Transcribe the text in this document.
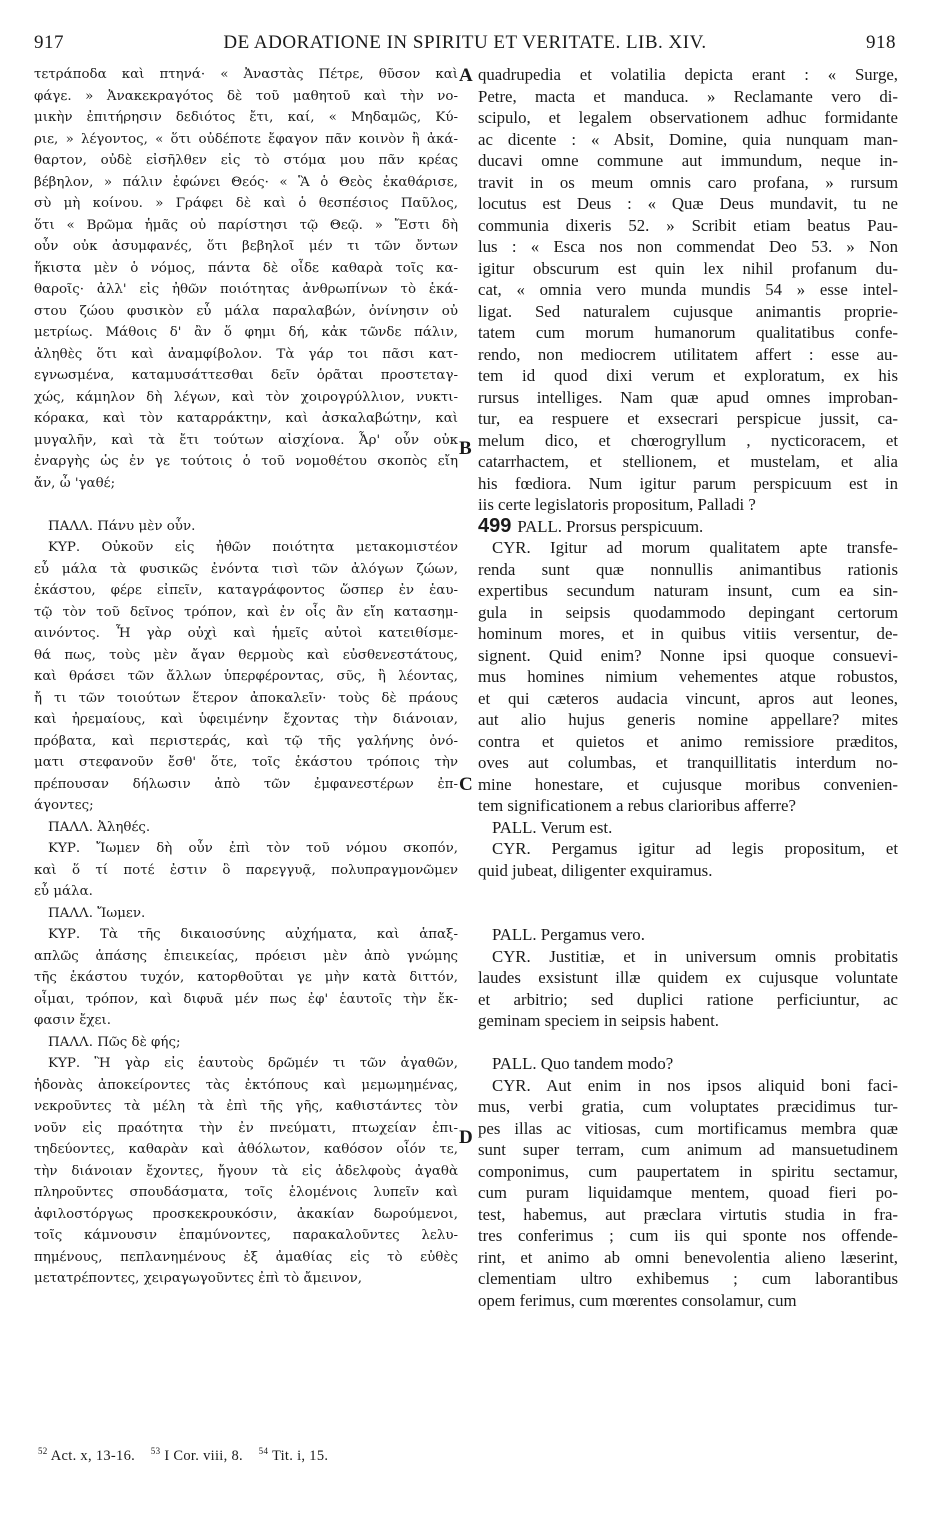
917	DE ADORATIONE IN SPIRITU ET VERITATE. LIB. XIV.	918
τετράποδα καὶ πτηνά· « Ἀναστὰς Πέτρε, θῦσον καὶ
φάγε. » Ἀνακεκραγότος δὲ τοῦ μαθητοῦ καὶ τὴν νο-
μικὴν ἐπιτήρησιν δεδιότος ἔτι, καί, « Μηδαμῶς, Κύ-
ριε, » λέγοντος, « ὅτι οὐδέποτε ἔφαγον πᾶν κοινὸν ἢ ἀκά-
θαρτον, οὐδὲ εἰσῆλθεν εἰς τὸ στόμα μου πᾶν κρέας
βέβηλον, » πάλιν ἐφώνει Θεός· « Ἃ ὁ Θεὸς ἐκαθάρισε,
σὺ μὴ κοίνου. » Γράφει δὲ καὶ ὁ θεσπέσιος Παῦλος,
ὅτι « Βρῶμα ἡμᾶς οὐ παρίστησι τῷ Θεῷ. » Ἔστι δὴ
οὖν οὐκ ἀσυμφανές, ὅτι βεβηλοῖ μέν τι τῶν ὄντων
ἥκιστα μὲν ὁ νόμος, πάντα δὲ οἶδε καθαρὰ τοῖς κα-
θαροῖς· ἀλλ' εἰς ἠθῶν ποιότητας ἀνθρωπίνων τὸ ἑκά-
στου ζώου φυσικὸν εὖ μάλα παραλαβών, ὀνίνησιν οὐ
μετρίως. Μάθοις δ' ἂν ὅ φημι δή, κἀκ τῶνδε πάλιν,
ἀληθὲς ὅτι καὶ ἀναμφίβολον. Τὰ γάρ τοι πᾶσι κατ-
εγνωσμένα, καταμυσάττεσθαι δεῖν ὁρᾶται προστεταγ-
χώς, κάμηλον δὴ λέγων, καὶ τὸν χοιρογρύλλιον, νυκτι-
κόρακα, καὶ τὸν καταρράκτην, καὶ ἀσκαλαβώτην, καὶ
μυγαλῆν, καὶ τὰ ἔτι τούτων αἰσχίονα. Ἆρ' οὖν οὐκ
ἐναργὴς ὡς ἐν γε τούτοις ὁ τοῦ νομοθέτου σκοπὸς εἴη
ἄν, ὦ 'γαθέ;
ΠΑΛΛ. Πάνυ μὲν οὖν.
ΚΥΡ. Οὐκοῦν εἰς ἠθῶν ποιότητα μετακομιστέον
εὖ μάλα τὰ φυσικῶς ἐνόντα τισὶ τῶν ἀλόγων ζώων,
ἑκάστου, φέρε εἰπεῖν, καταγράφοντος ὥσπερ ἐν ἑαυ-
τῷ τὸν τοῦ δεῖνος τρόπον, καὶ ἐν οἷς ἂν εἴη κατασημ-
αινόντος. Ἦ γὰρ οὐχὶ καὶ ἡμεῖς αὐτοὶ κατειθίσμε-
θά πως, τοὺς μὲν ἄγαν θερμοὺς καὶ εὐσθενεστάτους,
καὶ θράσει τῶν ἄλλων ὑπερφέροντας, σῦς, ἢ λέοντας,
ἤ τι τῶν τοιούτων ἕτερον ἀποκαλεῖν· τοὺς δὲ πράους
καὶ ἠρεμαίους, καὶ ὑφειμένην ἔχοντας τὴν διάνοιαν,
πρόβατα, καὶ περιστεράς, καὶ τῷ τῆς γαλήνης ὀνό-
ματι στεφανοῦν ἔσθ' ὅτε, τοῖς ἑκάστου τρόποις τὴν
πρέπουσαν δήλωσιν ἀπὸ τῶν ἐμφανεστέρων ἐπ-
άγοντες;
ΠΑΛΛ. Ἀληθές.
ΚΥΡ. Ἴωμεν δὴ οὖν ἐπὶ τὸν τοῦ νόμου σκοπόν,
καὶ ὅ τί ποτέ ἐστιν ὃ παρεγγυᾷ, πολυπραγμονῶμεν
εὖ μάλα.
ΠΑΛΛ. Ἴωμεν.
ΚΥΡ. Τὰ τῆς δικαιοσύνης αὐχήματα, καὶ ἁπαξ-
απλῶς ἁπάσης ἐπιεικείας, πρόεισι μὲν ἀπὸ γνώμης
τῆς ἑκάστου τυχόν, κατορθοῦται γε μὴν κατὰ διττόν,
οἶμαι, τρόπον, καὶ διφυᾶ μέν πως ἐφ' ἑαυτοῖς τὴν ἔκ-
φασιν ἔχει.
ΠΑΛΛ. Πῶς δὲ φής;
ΚΥΡ. Ἢ γὰρ εἰς ἑαυτοὺς δρῶμέν τι τῶν ἀγαθῶν,
ἡδονὰς ἀποκείροντες τὰς ἐκτόπους καὶ μεμωμημένας,
νεκροῦντες τὰ μέλη τὰ ἐπὶ τῆς γῆς, καθιστάντες τὸν
νοῦν εἰς πραότητα τὴν ἐν πνεύματι, πτωχείαν ἐπι-
τηδεύοντες, καθαρὰν καὶ ἀθόλωτον, καθόσον οἷόν τε,
τὴν διάνοιαν ἔχοντες, ἤγουν τὰ εἰς ἀδελφοὺς ἀγαθὰ
πληροῦντες σπουδάσματα, τοῖς ἑλομένοις λυπεῖν καὶ
ἀφιλοστόργως προσκεκρουκόσιν, ἀκακίαν δωρούμενοι,
τοῖς κάμνουσιν ἐπαμύνοντες, παρακαλοῦντες λελυ-
πημένους, πεπλανημένους ἐξ ἀμαθίας εἰς τὸ εὐθὲς
μετατρέποντες, χειραγωγοῦντες ἐπὶ τὸ ἄμεινον,
quadrupedia et volatilia depicta erant : « Surge,
Petre, macta et manduca. » Reclamante vero di-
scipulo, et legalem observationem adhuc formidante
ac dicente : « Absit, Domine, quia nunquam man-
ducavi omne commune aut immundum, neque in-
travit in os meum omnis caro profana, » rursum
locutus est Deus : « Quæ Deus mundavit, tu ne
communia dixeris 52. » Scribit etiam beatus Pau-
lus : « Esca nos non commendat Deo 53. » Non
igitur obscurum est quin lex nihil profanum du-
cat, « omnia vero munda mundis 54 » esse intel-
ligat. Sed naturalem cujusque animantis proprie-
tatem cum morum humanorum qualitatibus confe-
rendo, non mediocrem utilitatem affert : esse au-
tem id quod dixi verum et exploratum, ex his
rursus intelliges. Nam quæ apud omnes improban-
tur, ea respuere et exsecrari perspicue jussit, ca-
melum dico, et chœrogryllum , nycticoracem, et
catarrhactem, et stellionem, et mustelam, et alia
his fœdiora. Num igitur parum perspicuum est in
iis certe legislatoris propositum, Palladi ?
499 PALL. Prorsus perspicuum.
CYR. Igitur ad morum qualitatem apte transfe-
renda sunt quæ nonnullis animantibus rationis
expertibus secundum naturam insunt, cum ea sin-
gula in seipsis quodammodo depingant certorum
hominum mores, et in quibus vitiis versentur, de-
signent. Quid enim? Nonne ipsi quoque consuevi-
mus homines nimium vehementes atque robustos,
et qui cæteros audacia vincunt, apros aut leones,
aut alio hujus generis nomine appellare? mites
contra et quietos et animo remissiore præditos,
oves aut columbas, et tranquillitatis interdum no-
mine honestare, et cujusque moribus convenien-
tem significationem a rebus clarioribus afferre?
PALL. Verum est.
CYR. Pergamus igitur ad legis propositum, et
quid jubeat, diligenter exquiramus.
PALL. Pergamus vero.
CYR. Justitiæ, et in universum omnis probitatis
laudes exsistunt illæ quidem ex cujusque voluntate
et arbitrio; sed duplici ratione perficiuntur, ac
geminam speciem in seipsis habent.
PALL. Quo tandem modo?
CYR. Aut enim in nos ipsos aliquid boni faci-
mus, verbi gratia, cum voluptates præcidimus tur-
pes illas ac vitiosas, cum mortificamus membra quæ
sunt super terram, cum animum ad mansuetudinem
componimus, cum paupertatem in spiritu sectamur,
cum puram liquidamque mentem, quoad fieri po-
test, habemus, aut præclara virtutis studia in fra-
tres conferimus ; cum iis qui sponte nos offende-
rint, et animo ab omni benevolentia alieno læserint,
clementiam ultro exhibemus ; cum laborantibus
opem ferimus, cum mœrentes consolamur, cum
A
B
C
D
$^{52}$ Act. x, 13-16. $^{53}$ I Cor. viii, 8. $^{54}$ Tit. i, 15.
